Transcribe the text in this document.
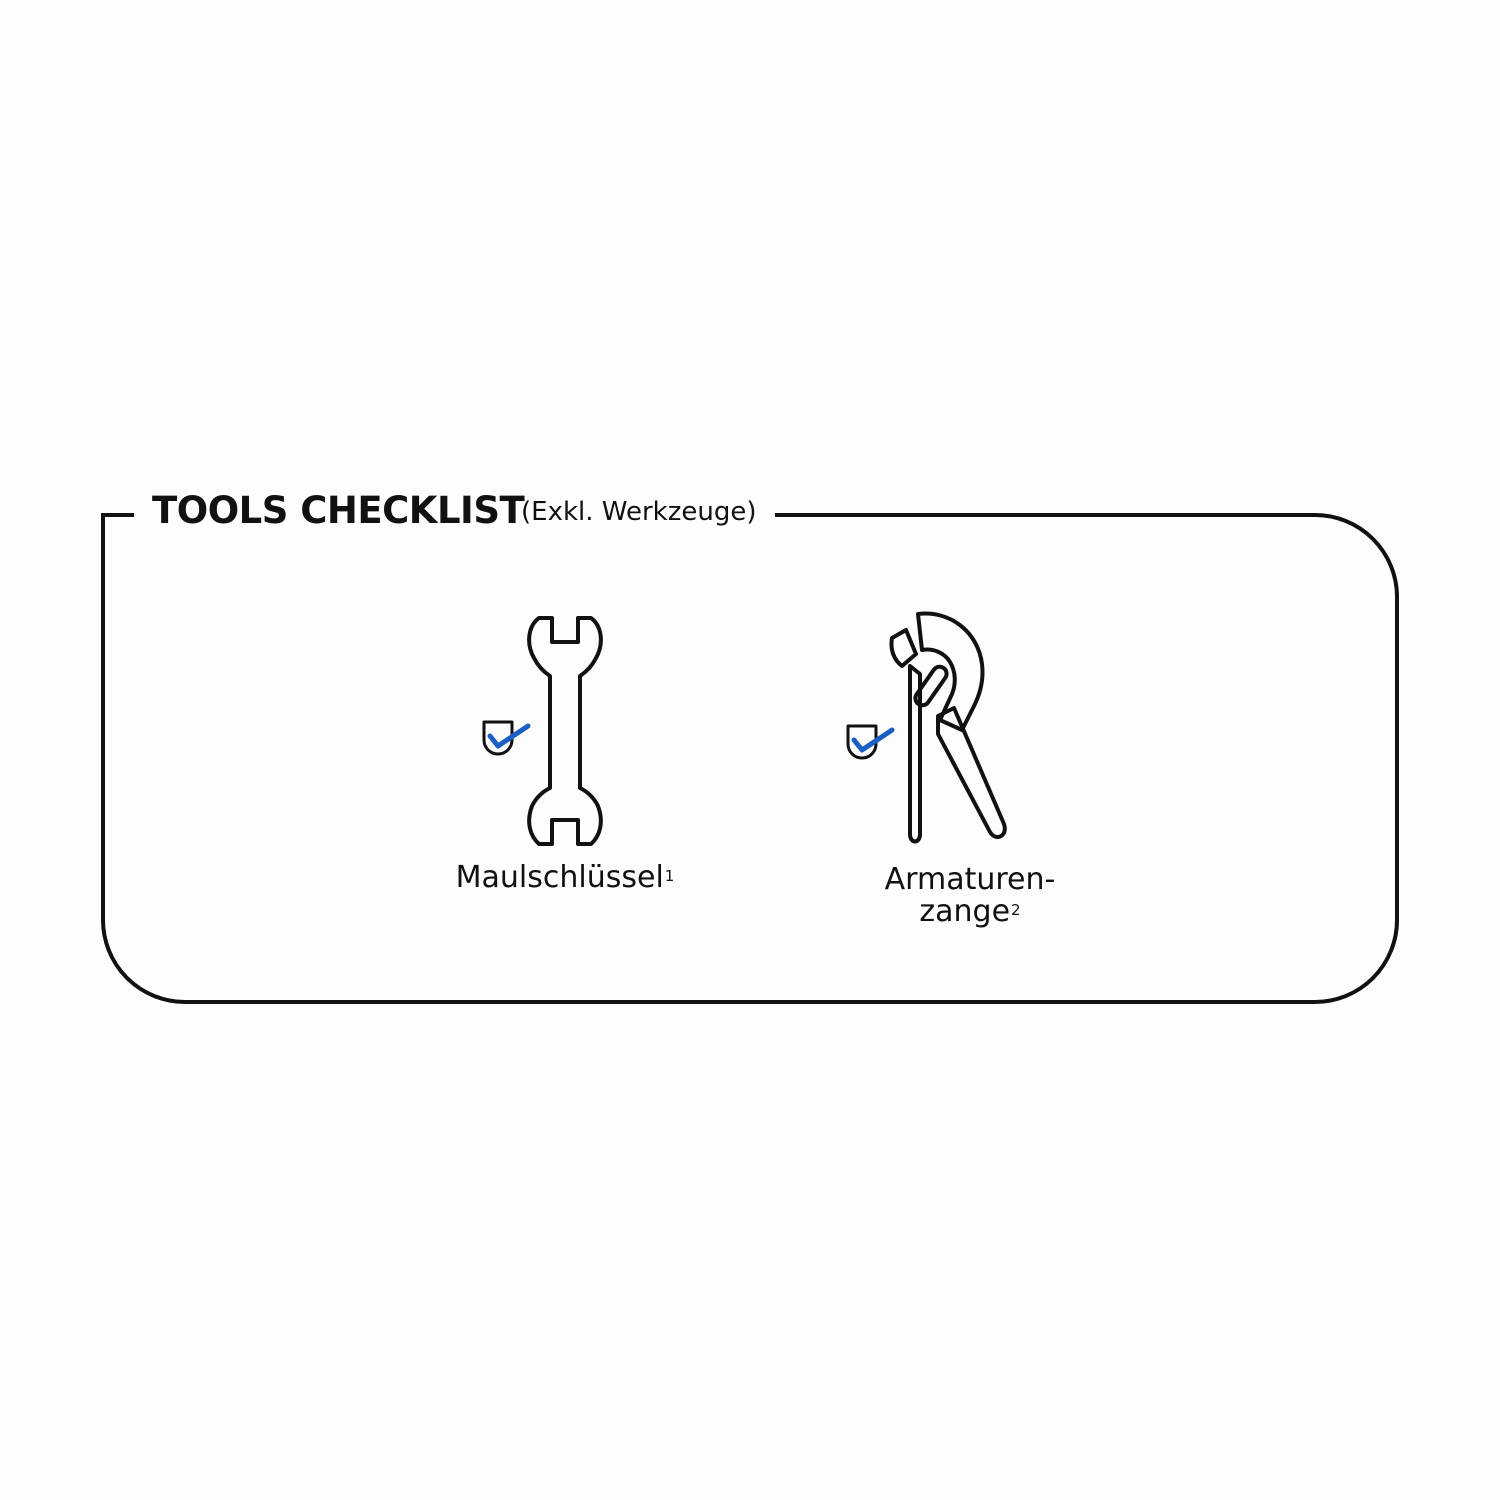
TOOLS CHECKLIST
(Exkl. Werkzeuge)
Maulschlüssel$^1$	Armaturen-
zange$^2$
